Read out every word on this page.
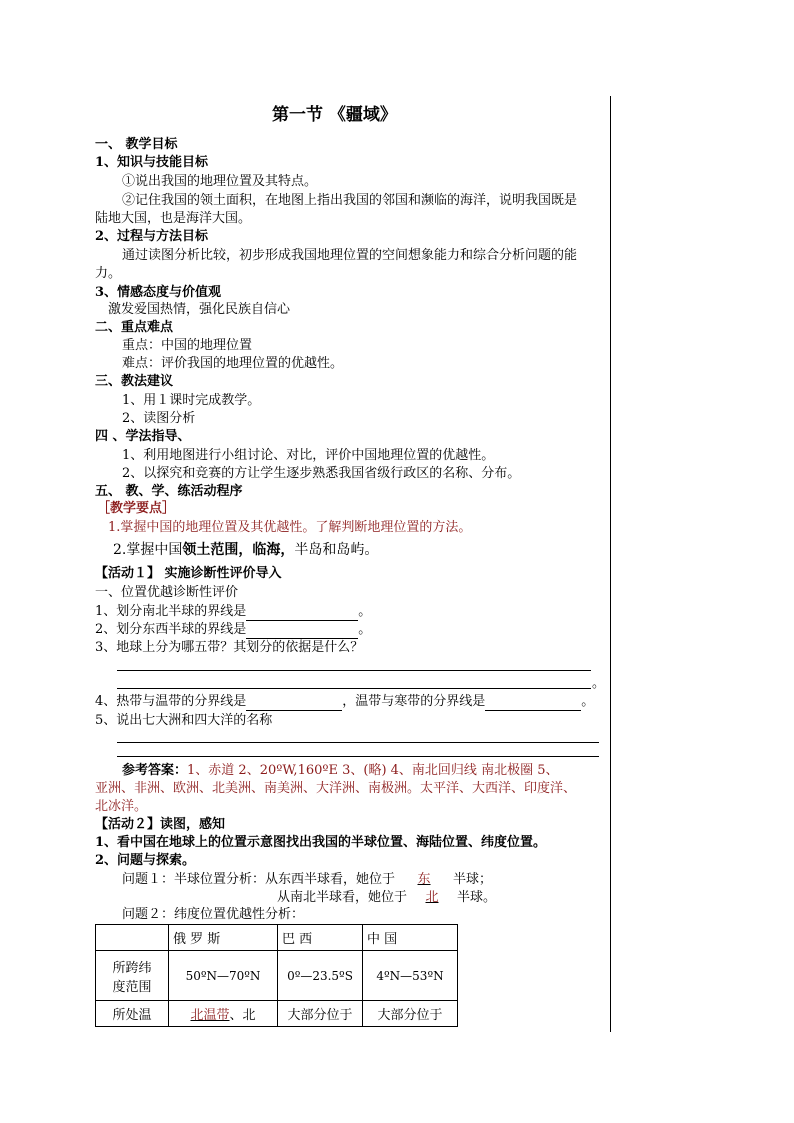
第一节 《疆域》
一、 教学目标
1、知识与技能目标
①说出我国的地理位置及其特点。
②记住我国的领土面积，在地图上指出我国的邻国和濒临的海洋，说明我国既是
陆地大国，也是海洋大国。
2、过程与方法目标
通过读图分析比较，初步形成我国地理位置的空间想象能力和综合分析问题的能
力。
3、情感态度与价值观
激发爱国热情，强化民族自信心
二、重点难点
重点：中国的地理位置
难点：评价我国的地理位置的优越性。
三、教法建议
1、用１课时完成教学。
2、读图分析
四 、学法指导、
1、利用地图进行小组讨论、对比，评价中国地理位置的优越性。
2、以探究和竞赛的方让学生逐步熟悉我国省级行政区的名称、分布。
五、 教、学、练活动程序
［教学要点］
1.掌握中国的地理位置及其优越性。了解判断地理位置的方法。
2.掌握中国领土范围，临海，半岛和岛屿。
【活动１】 实施诊断性评价导入
一、位置优越诊断性评价
1、划分南北半球的界线是	。
2、划分东西半球的界线是	。
3、地球上分为哪五带？其划分的依据是什么？
。
4、热带与温带的分界线是	，温带与寒带的分界线是	。
5、说出七大洲和四大洋的名称
参考答案：1、赤道 2、20ºW,160ºE 3、(略) 4、南北回归线 南北极圈 5、
亚洲、非洲、欧洲、北美洲、南美洲、大洋洲、南极洲。太平洋、大西洋、印度洋、
北冰洋。
【活动２】读图，感知
1、看中国在地球上的位置示意图找出我国的半球位置、海陆位置、纬度位置。
2、问题与探索。
问题１：半球位置分析：从东西半球看，她位于 东 半球；
从南北半球看，她位于 北 半球。
问题２：纬度位置优越性分析：
	俄 罗 斯	巴 西	中 国

所跨纬
度范围	50ºN—70ºN	0º—23.5ºS	4ºN—53ºN
所处温	北温带、北	大部分位于	大部分位于
